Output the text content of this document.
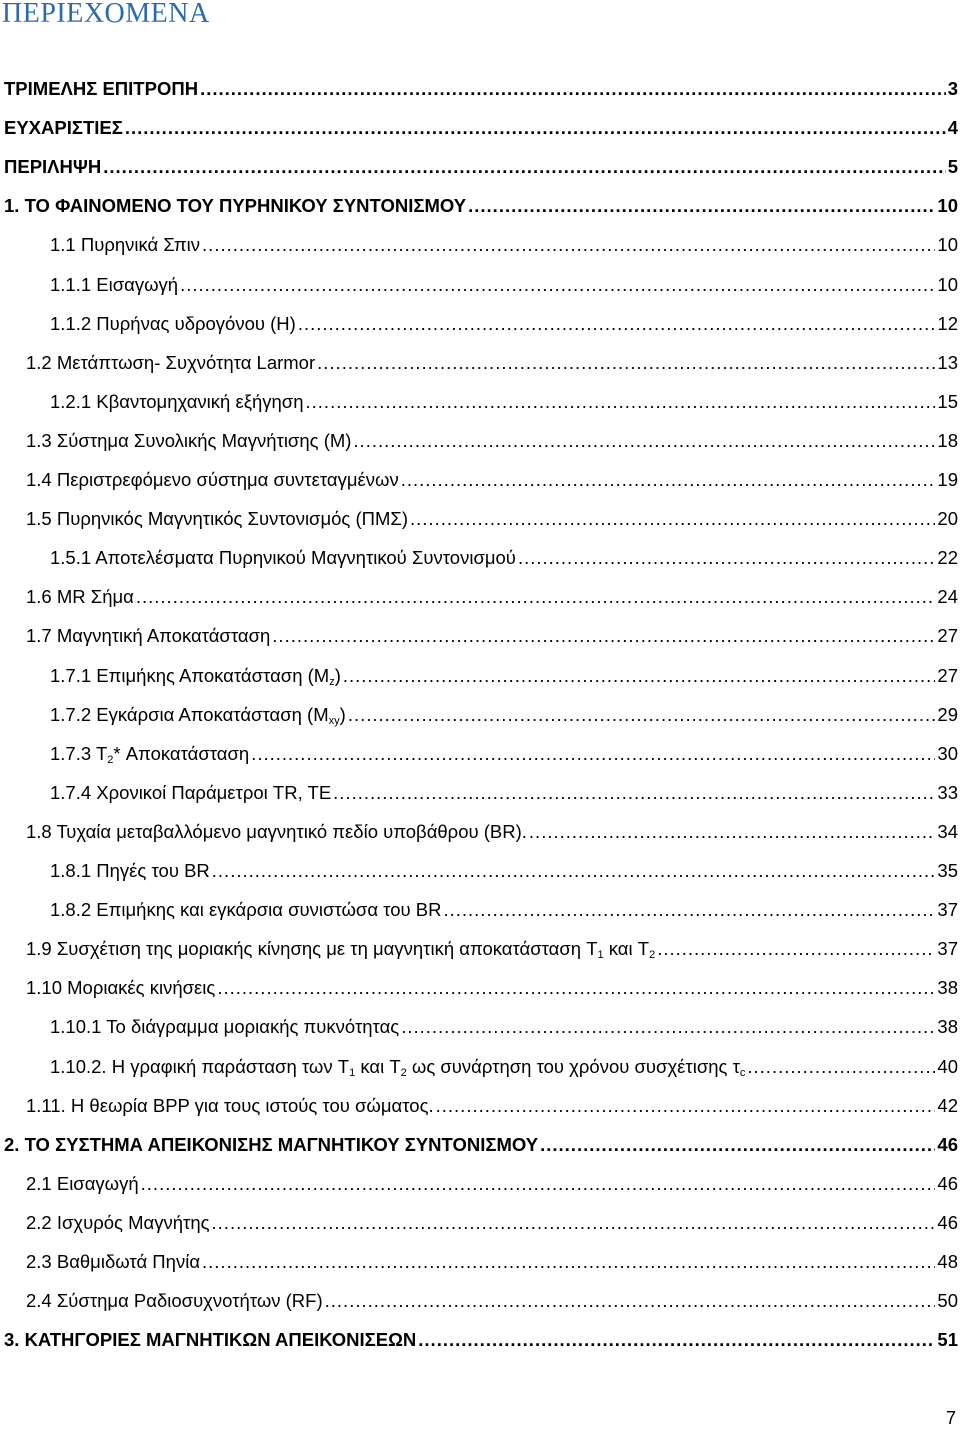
ΠΕΡΙΕΧΟΜΕΝΑ
ΤΡΙΜΕΛΗΣ ΕΠΙΤΡΟΠΗ .....	3
ΕΥΧΑΡΙΣΤΙΕΣ .....	4
ΠΕΡΙΛΗΨΗ .....	5
1. ΤΟ ΦΑΙΝΟΜΕΝΟ ΤΟΥ ΠΥΡΗΝΙΚΟΥ ΣΥΝΤΟΝΙΣΜΟΥ .....	10
1.1 Πυρηνικά Σπιν .....	10
1.1.1 Εισαγωγή .....	10
1.1.2 Πυρήνας υδρογόνου (H) .....	12
1.2 Μετάπτωση- Συχνότητα Larmor .....	13
1.2.1 Κβαντομηχανική εξήγηση .....	15
1.3 Σύστημα Συνολικής Μαγνήτισης (M) .....	18
1.4 Περιστρεφόμενο σύστημα συντεταγμένων .....	19
1.5 Πυρηνικός Μαγνητικός Συντονισμός (ΠΜΣ) .....	20
1.5.1 Αποτελέσματα Πυρηνικού Μαγνητικού Συντονισμού .....	22
1.6 MR Σήμα .....	24
1.7 Μαγνητική Αποκατάσταση .....	27
1.7.1 Επιμήκης Αποκατάσταση $(M_z)$ .....	27
1.7.2 Εγκάρσια Αποκατάσταση $(M_{xy})$ .....	29
1.7.3 $T_2*$ Αποκατάσταση .....	30
1.7.4 Χρονικοί Παράμετροι TR, TE .....	33
1.8 Τυχαία μεταβαλλόμενο μαγνητικό πεδίο υποβάθρου (BR). .....	34
1.8.1 Πηγές του BR .....	35
1.8.2 Επιμήκης και εγκάρσια συνιστώσα του BR .....	37
1.9 Συσχέτιση της μοριακής κίνησης με τη μαγνητική αποκατάσταση $T_1$ και $T_2$ .....	37
1.10 Μοριακές κινήσεις .....	38
1.10.1 Το διάγραμμα μοριακής πυκνότητας .....	38
1.10.2. Η γραφική παράσταση των $T_1$ και $T_2$ ως συνάρτηση του χρόνου συσχέτισης $\tau_c$ .....	40
1.11. Η θεωρία BPP για τους ιστούς του σώματος. .....	42
2. ΤΟ ΣΥΣΤΗΜΑ ΑΠΕΙΚΟΝΙΣΗΣ ΜΑΓΝΗΤΙΚΟΥ ΣΥΝΤΟΝΙΣΜΟΥ .....	46
2.1 Εισαγωγή .....	46
2.2 Ισχυρός Μαγνήτης .....	46
2.3 Βαθμιδωτά Πηνία .....	48
2.4 Σύστημα Ραδιοσυχνοτήτων (RF) .....	50
3. ΚΑΤΗΓΟΡΙΕΣ ΜΑΓΝΗΤΙΚΩΝ ΑΠΕΙΚΟΝΙΣΕΩΝ .....	51
7
